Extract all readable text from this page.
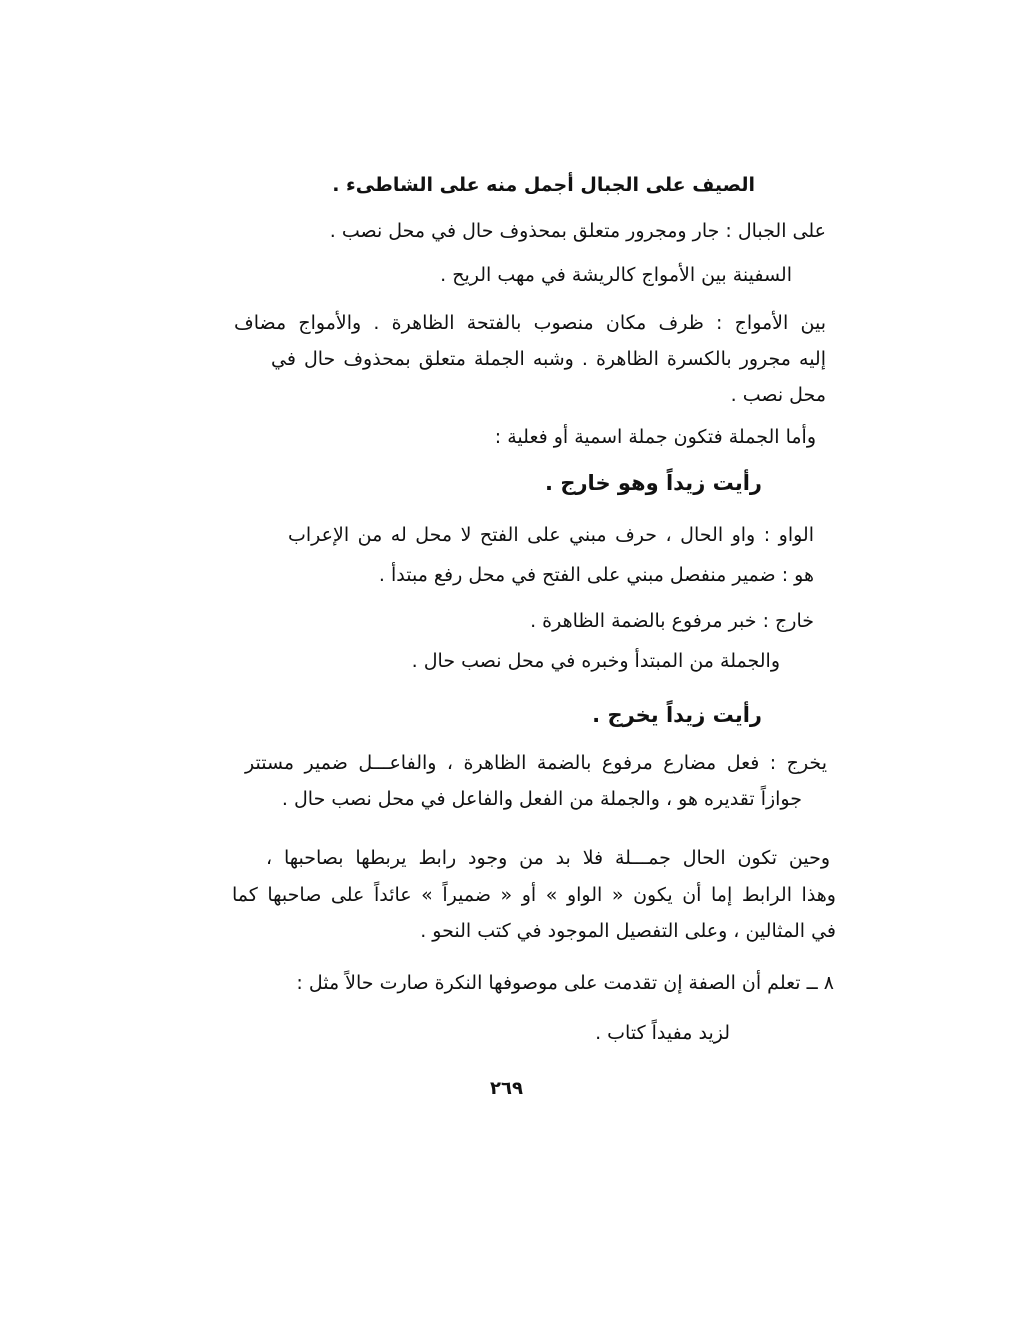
الصيف على الجبال أجمل منه على الشاطىء .
على الجبال : جار ومجرور متعلق بمحذوف حال في محل نصب .
السفينة بين الأمواج كالريشة في مهب الريح .
بين الأمواج : ظرف مكان منصوب بالفتحة الظاهرة . والأمواج مضاف
إليه مجرور بالكسرة الظاهرة . وشبه الجملة متعلق بمحذوف حال في
محل نصب .
وأما الجملة فتكون جملة اسمية أو فعلية :
رأيت زيداً وهو خارج .
الواو : واو الحال ، حرف مبني على الفتح لا محل له من الإعراب
هو : ضمير منفصل مبني على الفتح في محل رفع مبتدأ .
خارج : خبر مرفوع بالضمة الظاهرة .
والجملة من المبتدأ وخبره في محل نصب حال .
رأيت زيداً يخرج .
يخرج : فعل مضارع مرفوع بالضمة الظاهرة ، والفاعـــل ضمير مستتر
جوازاً تقديره هو ، والجملة من الفعل والفاعل في محل نصب حال .
وحين تكون الحال جمـــلة فلا بد من وجود رابط يربطها بصاحبها ،
وهذا الرابط إما أن يكون « الواو » أو « ضميراً » عائداً على صاحبها كما
في المثالين ، وعلى التفصيل الموجود في كتب النحو .
٨ ــ تعلم أن الصفة إن تقدمت على موصوفها النكرة صارت حالاً مثل :
لزيد مفيداً كتاب .
٢٦٩
